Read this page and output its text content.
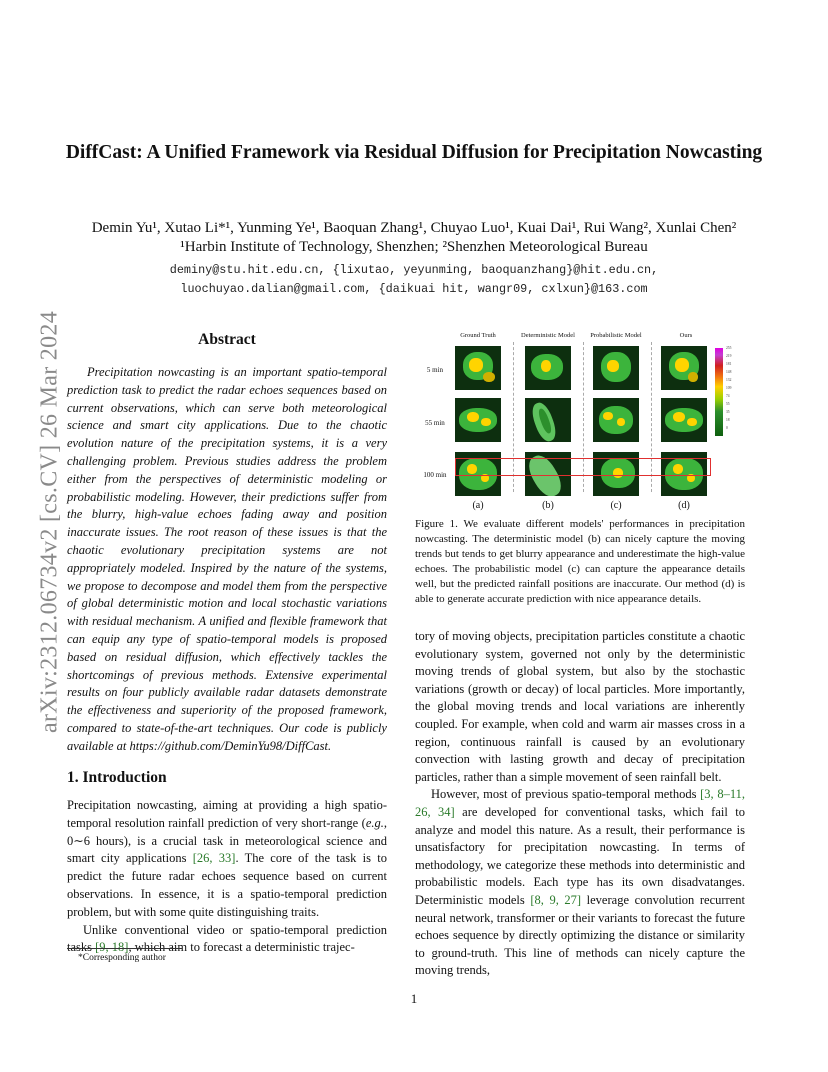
arXiv:2312.06734v2 [cs.CV] 26 Mar 2024
DiffCast: A Unified Framework via Residual Diffusion for Precipitation Nowcasting
Demin Yu¹, Xutao Li*¹, Yunming Ye¹, Baoquan Zhang¹, Chuyao Luo¹, Kuai Dai¹, Rui Wang², Xunlai Chen²
¹Harbin Institute of Technology, Shenzhen; ²Shenzhen Meteorological Bureau
deminy@stu.hit.edu.cn, {lixutao, yeyunming, baoquanzhang}@hit.edu.cn,
luochuyao.dalian@gmail.com, {daikuai hit, wangr09, cxlxun}@163.com
Abstract
Precipitation nowcasting is an important spatio-temporal prediction task to predict the radar echoes sequences based on current observations, which can serve both meteorological science and smart city applications. Due to the chaotic evolution nature of the precipitation systems, it is a very challenging problem. Previous studies address the problem either from the perspectives of deterministic modeling or probabilistic modeling. However, their predictions suffer from the blurry, high-value echoes fading away and position inaccurate issues. The root reason of these issues is that the chaotic evolutionary precipitation systems are not appropriately modeled. Inspired by the nature of the systems, we propose to decompose and model them from the perspective of global deterministic motion and local stochastic variations with residual mechanism. A unified and flexible framework that can equip any type of spatio-temporal models is proposed based on residual diffusion, which effectively tackles the shortcomings of previous methods. Extensive experimental results on four publicly available radar datasets demonstrate the effectiveness and superiority of the proposed framework, compared to state-of-the-art techniques. Our code is publicly available at https://github.com/DeminYu98/DiffCast.
1. Introduction

Precipitation nowcasting, aiming at providing a high spatio-temporal resolution rainfall prediction of very short-range (e.g., 0∼6 hours), is a crucial task in meteorological science and smart city applications [26, 33]. The core of the task is to predict the future radar echoes sequence based on current observations. In essence, it is a spatio-temporal prediction problem, but with some quite distinguishing traits.

Unlike conventional video or spatio-temporal prediction tasks [9, 18], which aim to forecast a deterministic trajec-

*Corresponding author
Ground Truth	Deterministic Model	Probabilistic Model	Ours
5 min
55 min
100 min
255
219
181
148
132
109
74
55
35
18
0
(a)	(b)	(c)	(d)
Figure 1. We evaluate different models' performances in precipitation nowcasting. The deterministic model (b) can nicely capture the moving trends but tends to get blurry appearance and underestimate the high-value echoes. The probabilistic model (c) can capture the appearance details well, but the predicted rainfall positions are inaccurate. Our method (d) is able to generate accurate prediction with nice appearance details.

tory of moving objects, precipitation particles constitute a chaotic evolutionary system, governed not only by the deterministic moving trends of global system, but also by the stochastic variations (growth or decay) of local particles. More importantly, the global moving trends and local variations are inherently coupled. For example, when cold and warm air masses cross in a region, continuous rainfall is caused by an evolutionary convection with lasting growth and decay of precipitation particles, rather than a simple movement of seen rainfall belt.

However, most of previous spatio-temporal methods [3, 8–11, 26, 34] are developed for conventional tasks, which fail to analyze and model this nature. As a result, their performance is unsatisfactory for precipitation nowcasting. In terms of methodology, we categorize these methods into deterministic and probabilistic models. Each type has its own disadvatanges. Deterministic models [8, 9, 27] leverage convolution recurrent neural network, transformer or their variants to forecast the future echoes sequence by directly optimizing the distance or similarity to ground-truth. This line of methods can nicely capture the moving trends,

1
